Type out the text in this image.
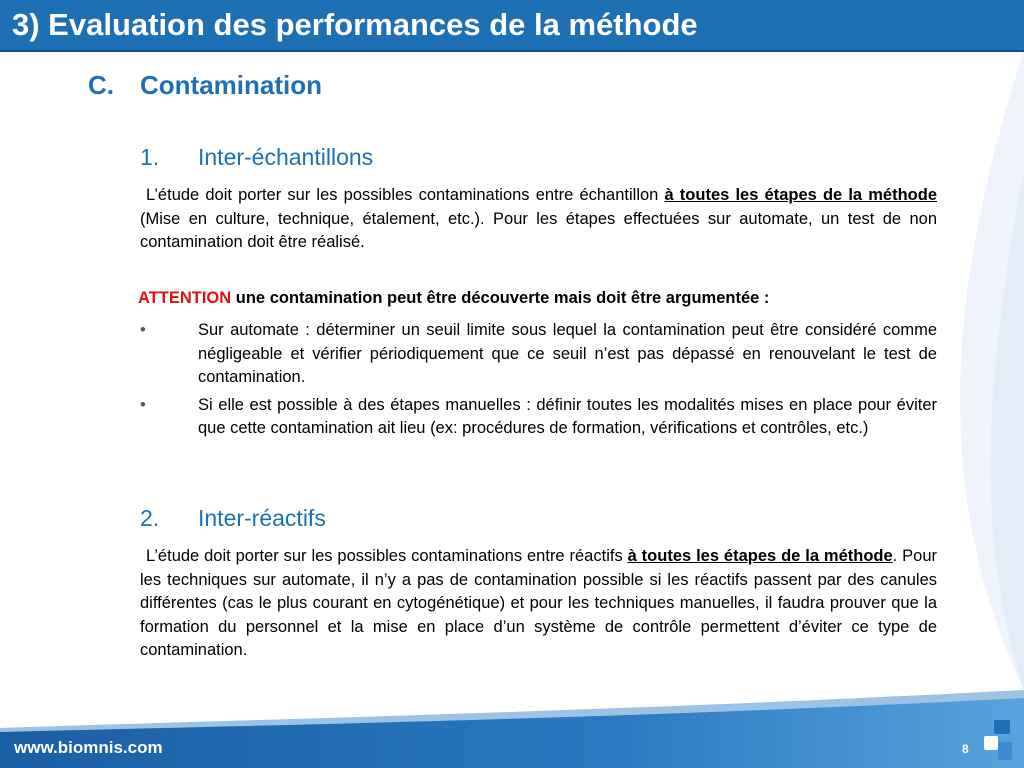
3) Evaluation des performances de la méthode
C. Contamination
1. Inter-échantillons
L’étude doit porter sur les possibles contaminations entre échantillon à toutes les étapes de la méthode (Mise en culture, technique, étalement, etc.). Pour les étapes effectuées sur automate, un test de non contamination doit être réalisé.
ATTENTION une contamination peut être découverte mais doit être argumentée :
•	Sur automate : déterminer un seuil limite sous lequel la contamination peut être considéré comme négligeable et vérifier périodiquement que ce seuil n’est pas dépassé en renouvelant le test de contamination.
•	Si elle est possible à des étapes manuelles : définir toutes les modalités mises en place pour éviter que cette contamination ait lieu (ex: procédures de formation, vérifications et contrôles, etc.)
2. Inter-réactifs
L’étude doit porter sur les possibles contaminations entre réactifs à toutes les étapes de la méthode. Pour les techniques sur automate, il n’y a pas de contamination possible si les réactifs passent par des canules différentes (cas le plus courant en cytogénétique) et pour les techniques manuelles, il faudra prouver que la formation du personnel et la mise en place d’un système de contrôle permettent d’éviter ce type de contamination.
www.biomnis.com	8
